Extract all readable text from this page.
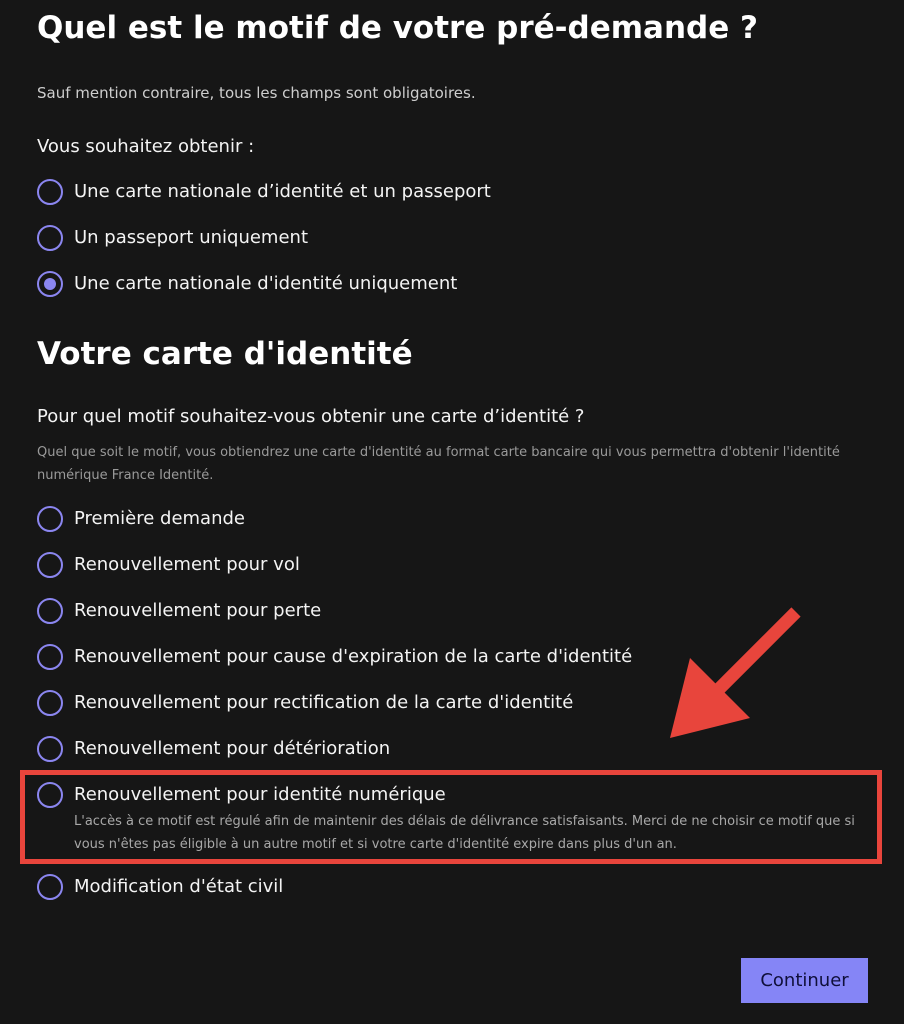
Quel est le motif de votre pré-demande ?
Sauf mention contraire, tous les champs sont obligatoires.
Vous souhaitez obtenir :
Une carte nationale d’identité et un passeport
Un passeport uniquement
Une carte nationale d'identité uniquement
Votre carte d'identité
Pour quel motif souhaitez-vous obtenir une carte d’identité ?
Quel que soit le motif, vous obtiendrez une carte d'identité au format carte bancaire qui vous permettra d'obtenir l'identité numérique France Identité.
Première demande
Renouvellement pour vol
Renouvellement pour perte
Renouvellement pour cause d'expiration de la carte d'identité
Renouvellement pour rectification de la carte d'identité
Renouvellement pour détérioration
Renouvellement pour identité numérique
L'accès à ce motif est régulé afin de maintenir des délais de délivrance satisfaisants. Merci de ne choisir ce motif que si vous n'êtes pas éligible à un autre motif et si votre carte d'identité expire dans plus d'un an.
Modification d'état civil
Continuer
